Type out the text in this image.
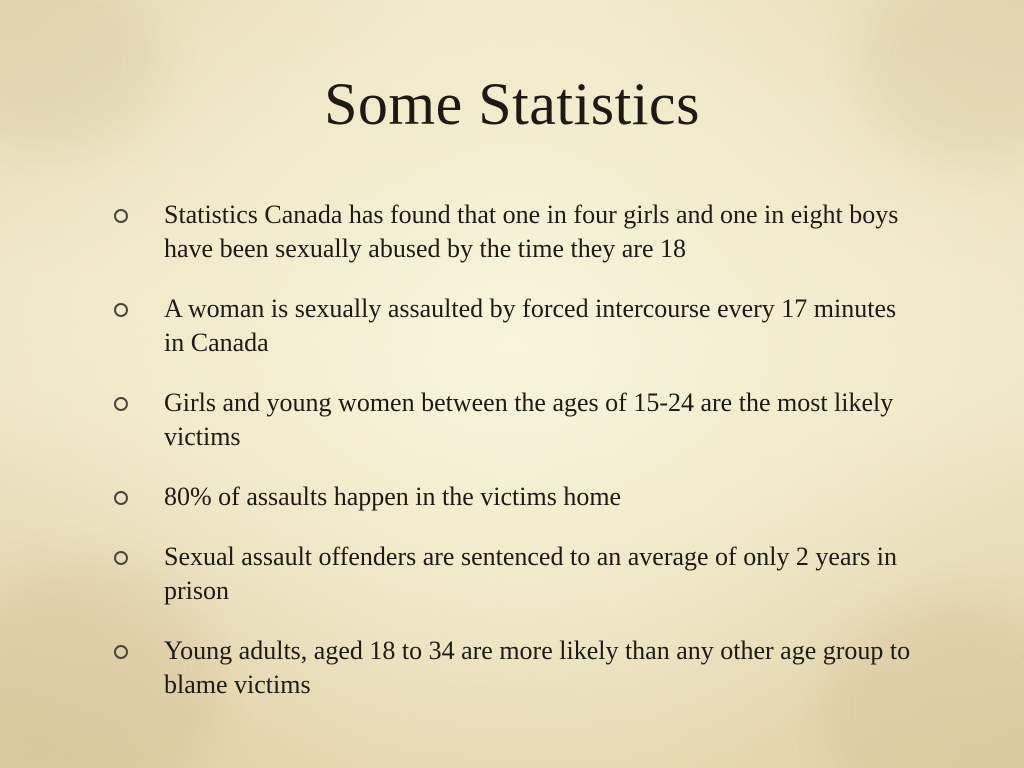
Some Statistics
Statistics Canada has found that one in four girls and one in eight boys have been sexually abused by the time they are 18
A woman is sexually assaulted by forced intercourse every 17 minutes in Canada
Girls and young women between the ages of 15-24 are the most likely victims
80% of assaults happen in the victims home
Sexual assault offenders are sentenced to an average of only 2 years in prison
Young adults, aged 18 to 34 are more likely than any other age group to blame victims
